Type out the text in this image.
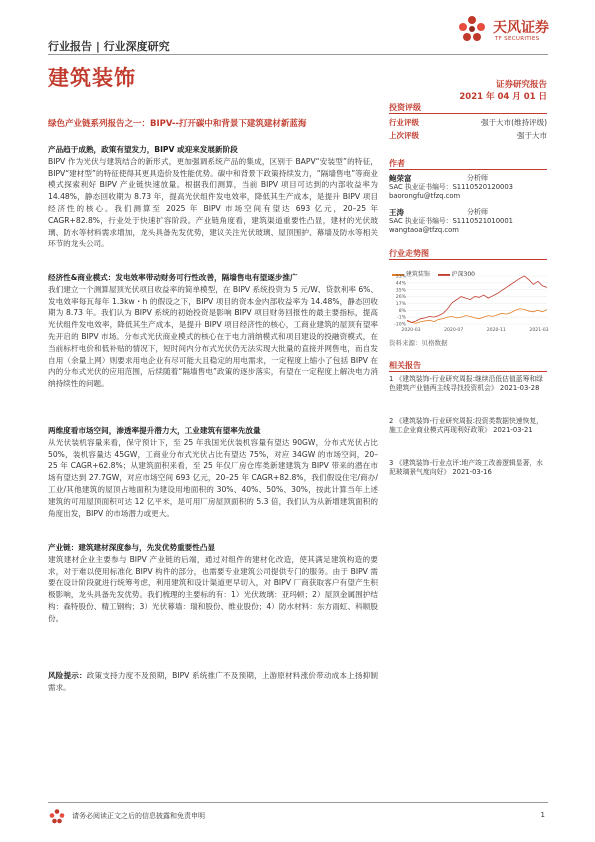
行业报告 | 行业深度研究
建筑装饰
天风证券
TF SECURITIES
证券研究报告
2021 年 04 月 01 日
绿色产业链系列报告之一：BIPV--打开碳中和背景下建筑建材新蓝海
产品趋于成熟，政策有望发力，BIPV 或迎来发展新阶段
BIPV 作为光伏与建筑结合的新形式，更加强调系统产品的集成，区别于 BAPV“安装型”的特征，BIPV“建材型”的特征使得其更具造价及性能优势。碳中和背景下政策持续发力，“隔墙售电”等商业模式探索利好 BIPV 产业链快速放量。根据我们测算，当前 BIPV 项目可达到的内部收益率为 14.48%，静态回收期为 8.73 年，提高光伏组件发电效率，降低其生产成本，是提升 BIPV 项目经济性的核心。我们测算至 2025 年 BIPV 市场空间有望达 693 亿元，20–25 年 CAGR+82.8%，行业处于快速扩容阶段。产业链角度看，建筑渠道重要性凸显，建材的光伏玻璃、防水等材料需求增加，龙头具备先发优势，建议关注光伏玻璃、屋顶围护、幕墙及防水等相关环节的龙头公司。
经济性&商业模式：发电效率带动财务可行性改善，隔墙售电有望逐步推广
我们建立一个测算屋顶光伏项目收益率的简单模型，在 BIPV 系统投资为 5 元/W、贷款利率 6%、发电效率每瓦每年 1.3kw・h 的假设之下，BIPV 项目的资本金内部收益率为 14.48%，静态回收期为 8.73 年。我们认为 BIPV 系统的初始投资是影响 BIPV 项目财务回报性的最主要指标，提高光伏组件发电效率，降低其生产成本，是提升 BIPV 项目经济性的核心，工商业建筑的屋顶有望率先开启的 BIPV 市场。分布式光伏商业模式的核心在于电力消纳模式和项目建设的投融资模式，在当前标杆电价和低补贴的情况下，短时间内分布式光伏仍无法实现大批量的直接并网售电，而自发自用（余量上网）则要求用电企业有尽可能大且稳定的用电需求，一定程度上缩小了包括 BIPV 在内的分布式光伏的应用范围，后续随着“隔墙售电”政策的逐步落实，有望在一定程度上解决电力消纳持续性的问题。
两维度看市场空间，渗透率提升潜力大，工业建筑有望率先放量
从光伏装机容量来看，保守预计下，至 25 年我国光伏装机容量有望达 90GW，分布式光伏占比 50%，装机容量达 45GW，工商业分布式光伏占比有望达 75%，对应 34GW 的市场空间，20–25 年 CAGR+62.8%；从建筑面积来看，至 25 年仅厂房仓库类新建建筑为 BIPV 带来的潜在市场有望达到 27.7GW，对应市场空间 693 亿元，20–25 年 CAGR+82.8%，我们假设住宅/商办/工业/其他建筑的屋顶占地面积为建设用地面积的 30%、40%、50%、30%，按此计算当年上述建筑的可用屋顶面积可达 12 亿平米，是可用厂房屋顶面积的 5.3 倍，我们认为从新增建筑面积的角度出发，BIPV 的市场潜力或更大。
产业链：建筑建材深度参与，先发优势重要性凸显
建筑建材企业主要参与 BIPV 产业链的后端，通过对组件的建材化改造，使其满足建筑构造的要求，对于难以使用标准化 BIPV 构件的部分，也需要专业建筑公司提供专门的服务。由于 BIPV 需要在设计阶段就进行统筹考虑，利用建筑和设计渠道更早切入，对 BIPV 厂商获取客户有望产生积极影响，龙头具备先发优势。我们梳理的主要标的有：1）光伏玻璃：亚玛顿；2）屋顶金属围护结构：森特股份、精工钢构；3）光伏幕墙：瑞和股份、维业股份；4）防水材料：东方雨虹、科顺股份。
风险提示：政策支持力度不及预期，BIPV 系统推广不及预期，上游原材料涨价带动成本上扬抑制需求。
投资评级
行业评级	强于大市(维持评级)
上次评级	强于大市
作者
鲍荣富	分析师
SAC 执业证书编号：S1110520120003
baorongfu@tfzq.com
王涛	分析师
SAC 执业证书编号：S1110521010001
wangtaoa@tfzq.com
行业走势图
建筑装饰	沪深300
53%
44%
35%
26%
17%
8%
-1%
-10%
2020-03	2020-07	2020-11	2021-03
资料来源：贝格数据
相关报告
1 《建筑装饰-行业研究周报:继续沿低估值蓝筹和绿色建筑产业链两主线寻找投资机会》 2021-03-28
2 《建筑装饰-行业研究周报:投资类数据快速恢复，施工企业商业模式再现利好政策》 2021-03-21
3 《建筑装饰-行业点评:地产竣工改善逻辑显著，水泥玻璃景气度向好》 2021-03-16
请务必阅读正文之后的信息披露和免责申明	1
